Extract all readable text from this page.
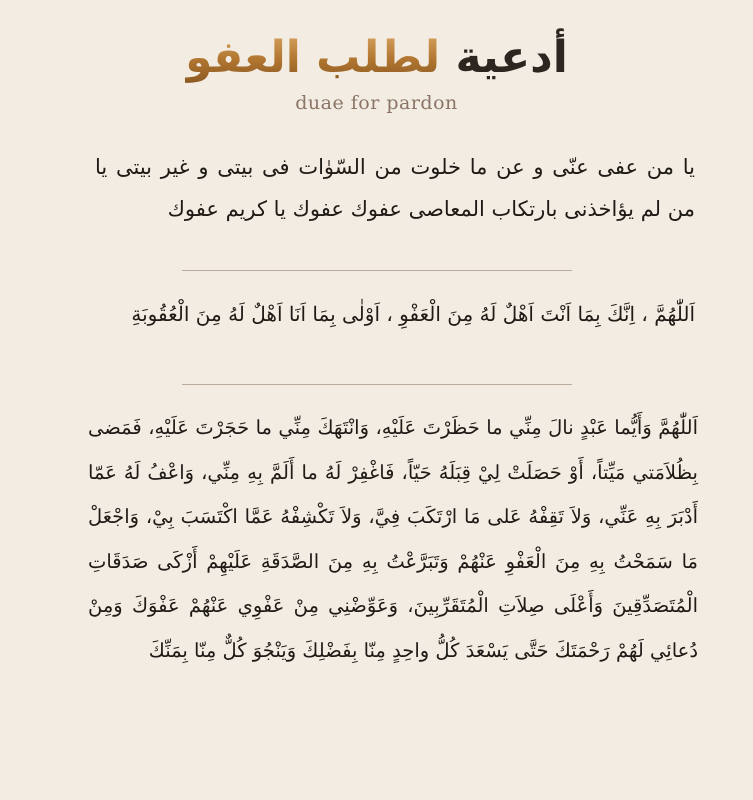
أدعية لطلب العفو
duae for pardon
يا من عفى عنّى و عن ما خلوت من السّوٰات فى بيتى و غير بيتى يا من لم يؤاخذنى بارتكاب المعاصى عفوك عفوك يا كريم عفوك
اَللّٰهُمَّ ، اِنَّكَ بِمَا اَنْتَ اَهْلٌ لَهُ مِنَ الْعَفْوِ ، اَوْلٰى بِمَا اَنَا اَهْلٌ لَهُ مِنَ الْعُقُوبَةِ
اَللّٰهُمَّ وَأَيُّما عَبْدٍ نالَ مِنِّي ما حَظَرْتَ عَلَيْهِ، وَانْتَهَكَ مِنِّي ما حَجَرْتَ عَلَيْهِ، فَمَضى بِظُلاَمَتي مَيِّتاً، أَوْ حَصَلَتْ لِيْ قِبَلَهُ حَيّاً، فَاغْفِرْ لَهُ ما أَلَمَّ بِهِ مِنِّي، وَاعْفُ لَهُ عَمّا أَدْبَرَ بِهِ عَنِّي، وَلاَ تَقِفْهُ عَلى مَا ارْتَكَبَ فِيَّ، وَلاَ تَكْشِفْهُ عَمَّا اكْتَسَبَ بِيْ، وَاجْعَلْ مَا سَمَحْتُ بِهِ مِنَ الْعَفْوِ عَنْهُمْ وَتَبَرَّعْتُ بِهِ مِنَ الصَّدَقَةِ عَلَيْهِمْ أَزْكَى صَدَقَاتِ الْمُتَصَدِّقِينَ وَأَعْلَى صِلاَتِ الْمُتَقَرِّبِينَ، وَعَوِّضْنِي مِنْ عَفْوِي عَنْهُمْ عَفْوَكَ وَمِنْ دُعائِي لَهُمْ رَحْمَتَكَ حَتَّى يَسْعَدَ كُلُّ واحِدٍ مِنّا بِفَضْلِكَ وَيَنْجُوَ كُلٌّ مِنّا بِمَنِّكَ
